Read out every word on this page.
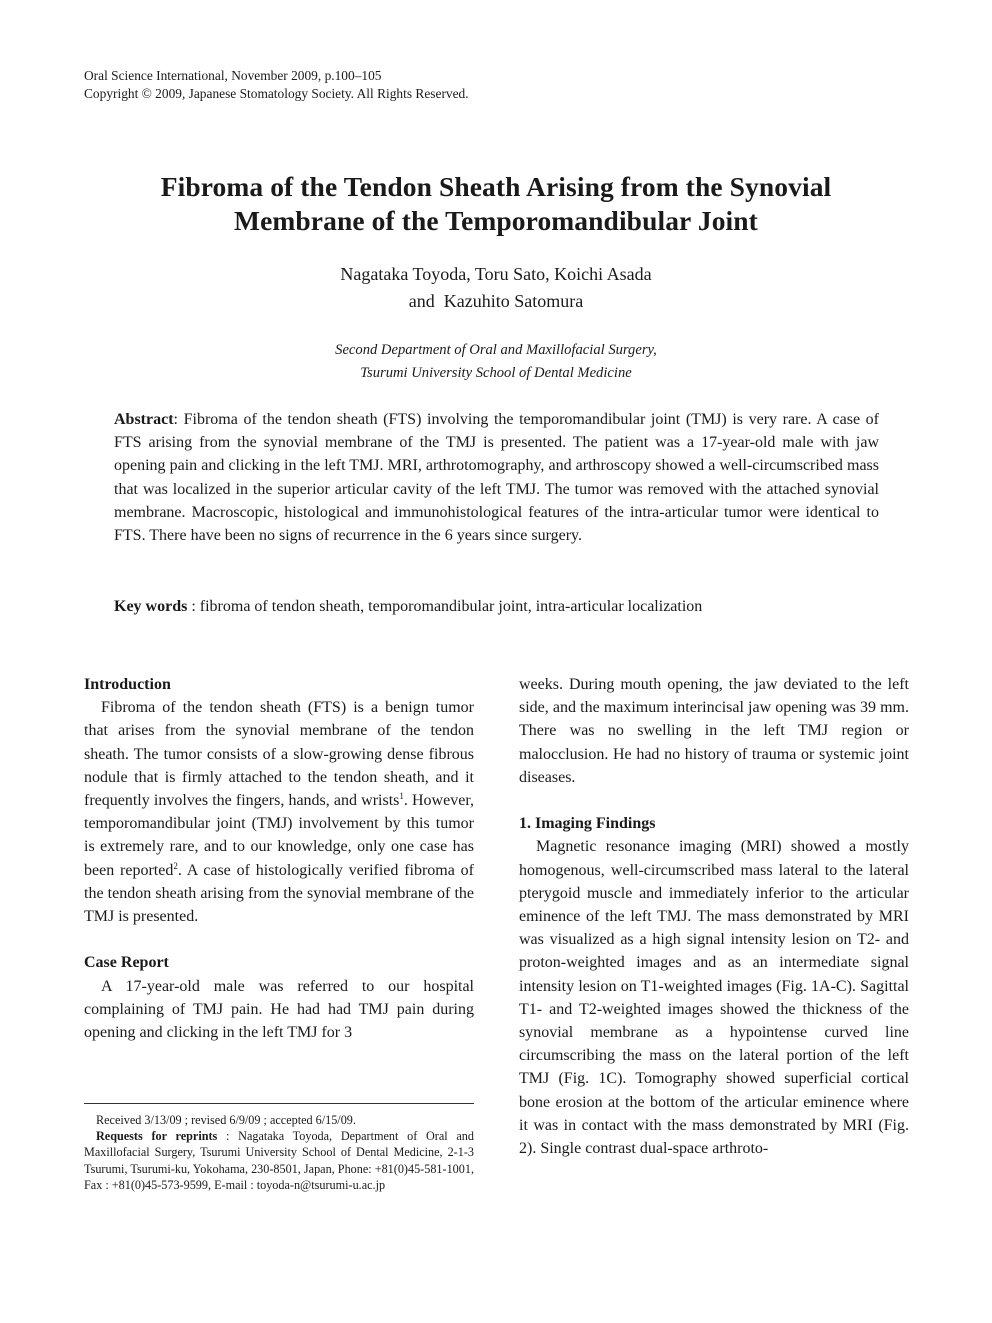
Oral Science International, November 2009, p.100–105
Copyright © 2009, Japanese Stomatology Society. All Rights Reserved.
Fibroma of the Tendon Sheath Arising from the Synovial
Membrane of the Temporomandibular Joint
Nagataka Toyoda, Toru Sato, Koichi Asada
and  Kazuhito Satomura
Second Department of Oral and Maxillofacial Surgery,
Tsurumi University School of Dental Medicine
Abstract: Fibroma of the tendon sheath (FTS) involving the temporomandibular joint (TMJ) is very rare. A case of FTS arising from the synovial membrane of the TMJ is presented. The patient was a 17-year-old male with jaw opening pain and clicking in the left TMJ. MRI, arthrotomography, and arthroscopy showed a well-circumscribed mass that was localized in the superior articular cavity of the left TMJ. The tumor was removed with the attached synovial membrane. Macroscopic, histological and immunohistological features of the intra-articular tumor were identical to FTS. There have been no signs of recurrence in the 6 years since surgery.
Key words : fibroma of tendon sheath, temporomandibular joint, intra-articular localization
Introduction

Fibroma of the tendon sheath (FTS) is a benign tumor that arises from the synovial membrane of the tendon sheath. The tumor consists of a slow-growing dense fibrous nodule that is firmly attached to the tendon sheath, and it frequently involves the fingers, hands, and wrists$^1$. However, temporomandibular joint (TMJ) involvement by this tumor is extremely rare, and to our knowledge, only one case has been reported$^2$. A case of histologically verified fibroma of the tendon sheath arising from the synovial membrane of the TMJ is presented.

Case Report

A 17-year-old male was referred to our hospital complaining of TMJ pain. He had had TMJ pain during opening and clicking in the left TMJ for 3

Received 3/13/09 ; revised 6/9/09 ; accepted 6/15/09.

Requests for reprints : Nagataka Toyoda, Department of Oral and Maxillofacial Surgery, Tsurumi University School of Dental Medicine, 2-1-3 Tsurumi, Tsurumi-ku, Yokohama, 230-8501, Japan, Phone: +81(0)45-581-1001, Fax : +81(0)45-573-9599, E-mail : toyoda-n@tsurumi-u.ac.jp

weeks. During mouth opening, the jaw deviated to the left side, and the maximum interincisal jaw opening was 39 mm. There was no swelling in the left TMJ region or malocclusion. He had no history of trauma or systemic joint diseases.

1. Imaging Findings

Magnetic resonance imaging (MRI) showed a mostly homogenous, well-circumscribed mass lateral to the lateral pterygoid muscle and immediately inferior to the articular eminence of the left TMJ. The mass demonstrated by MRI was visualized as a high signal intensity lesion on T2- and proton-weighted images and as an intermediate signal intensity lesion on T1-weighted images (Fig. 1A-C). Sagittal T1- and T2-weighted images showed the thickness of the synovial membrane as a hypointense curved line circumscribing the mass on the lateral portion of the left TMJ (Fig. 1C). Tomography showed superficial cortical bone erosion at the bottom of the articular eminence where it was in contact with the mass demonstrated by MRI (Fig. 2). Single contrast dual-space arthroto-
